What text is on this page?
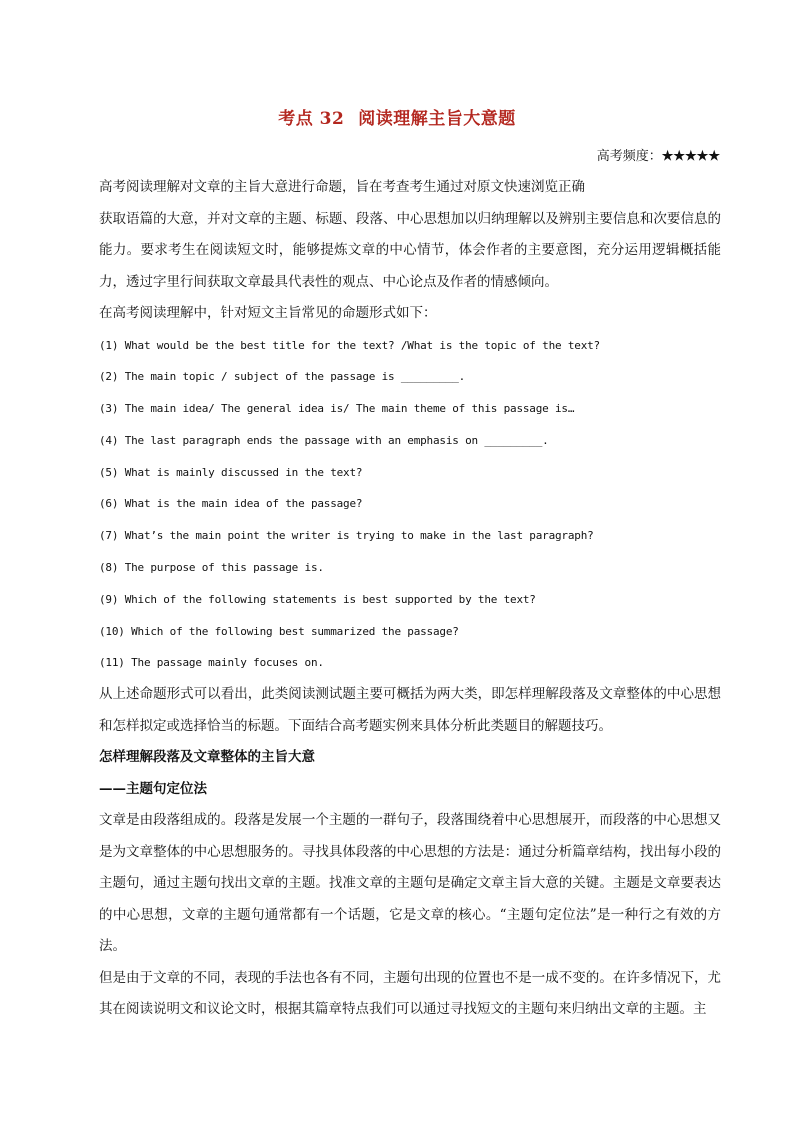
考点 32 阅读理解主旨大意题
高考频度：★★★★★

高考阅读理解对文章的主旨大意进行命题，旨在考查考生通过对原文快速浏览正确

获取语篇的大意，并对文章的主题、标题、段落、中心思想加以归纳理解以及辨别主要信息和次要信息的能力。要求考生在阅读短文时，能够提炼文章的中心情节，体会作者的主要意图，充分运用逻辑概括能力，透过字里行间获取文章最具代表性的观点、中心论点及作者的情感倾向。

在高考阅读理解中，针对短文主旨常见的命题形式如下：

(1) What would be the best title for the text? /What is the topic of the text?
(2) The main topic / subject of the passage is _________.
(3) The main idea/ The general idea is/ The main theme of this passage is…
(4) The last paragraph ends the passage with an emphasis on _________.
(5) What is mainly discussed in the text?
(6) What is the main idea of the passage?
(7) What’s the main point the writer is trying to make in the last paragraph?
(8) The purpose of this passage is.
(9) Which of the following statements is best supported by the text?
(10) Which of the following best summarized the passage?
(11) The passage mainly focuses on.

从上述命题形式可以看出，此类阅读测试题主要可概括为两大类，即怎样理解段落及文章整体的中心思想和怎样拟定或选择恰当的标题。下面结合高考题实例来具体分析此类题目的解题技巧。

怎样理解段落及文章整体的主旨大意

——主题句定位法

文章是由段落组成的。段落是发展一个主题的一群句子，段落围绕着中心思想展开，而段落的中心思想又是为文章整体的中心思想服务的。寻找具体段落的中心思想的方法是：通过分析篇章结构，找出每小段的主题句，通过主题句找出文章的主题。找准文章的主题句是确定文章主旨大意的关键。主题是文章要表达的中心思想，文章的主题句通常都有一个话题，它是文章的核心。“主题句定位法”是一种行之有效的方法。

但是由于文章的不同，表现的手法也各有不同，主题句出现的位置也不是一成不变的。在许多情况下，尤其在阅读说明文和议论文时，根据其篇章特点我们可以通过寻找短文的主题句来归纳出文章的主题。主
